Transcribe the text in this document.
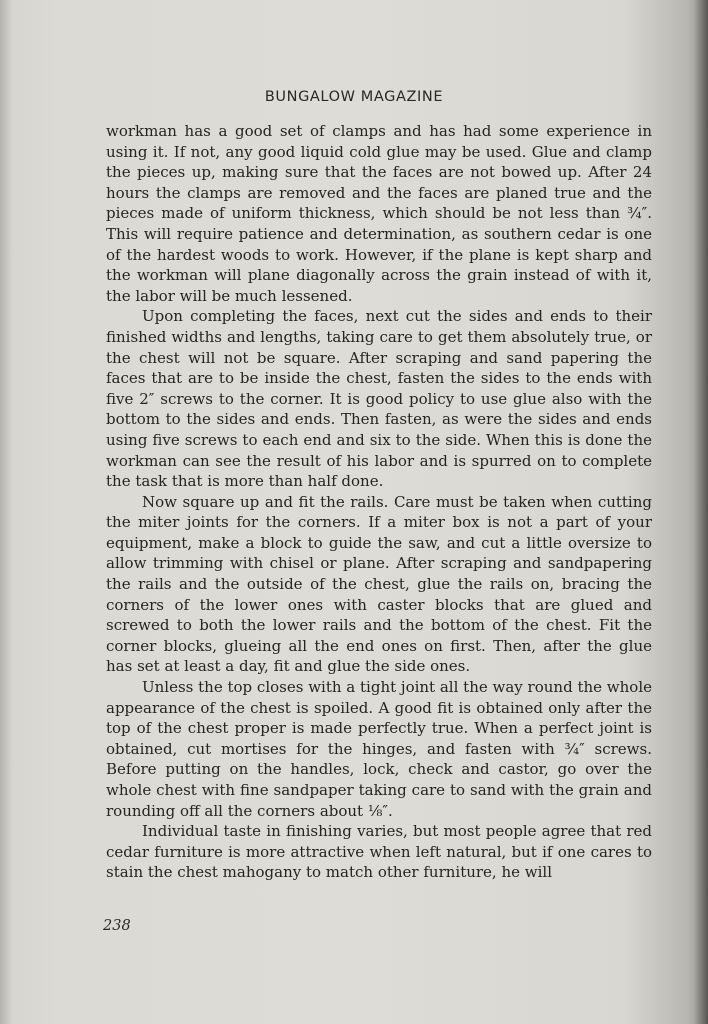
BUNGALOW MAGAZINE

workman has a good set of clamps and has had some experience in using it. If not, any good liquid cold glue may be used. Glue and clamp the pieces up, making sure that the faces are not bowed up. After 24 hours the clamps are removed and the faces are planed true and the pieces made of uniform thickness, which should be not less than ¾″. This will require patience and determination, as southern cedar is one of the hardest woods to work. However, if the plane is kept sharp and the workman will plane diagonally across the grain instead of with it, the labor will be much lessened.

Upon completing the faces, next cut the sides and ends to their finished widths and lengths, taking care to get them absolutely true, or the chest will not be square. After scraping and sand papering the faces that are to be inside the chest, fasten the sides to the ends with five 2″ screws to the corner. It is good policy to use glue also with the bottom to the sides and ends. Then fasten, as were the sides and ends using five screws to each end and six to the side. When this is done the workman can see the result of his labor and is spurred on to complete the task that is more than half done.

Now square up and fit the rails. Care must be taken when cutting the miter joints for the corners. If a miter box is not a part of your equipment, make a block to guide the saw, and cut a little oversize to allow trimming with chisel or plane. After scraping and sandpapering the rails and the outside of the chest, glue the rails on, bracing the corners of the lower ones with caster blocks that are glued and screwed to both the lower rails and the bottom of the chest. Fit the corner blocks, glueing all the end ones on first. Then, after the glue has set at least a day, fit and glue the side ones.

Unless the top closes with a tight joint all the way round the whole appearance of the chest is spoiled. A good fit is obtained only after the top of the chest proper is made perfectly true. When a perfect joint is obtained, cut mortises for the hinges, and fasten with ¾″ screws. Before putting on the handles, lock, check and castor, go over the whole chest with fine sandpaper taking care to sand with the grain and rounding off all the corners about ⅛″.

Individual taste in finishing varies, but most people agree that red cedar furniture is more attractive when left natural, but if one cares to stain the chest mahogany to match other furniture, he will

238
